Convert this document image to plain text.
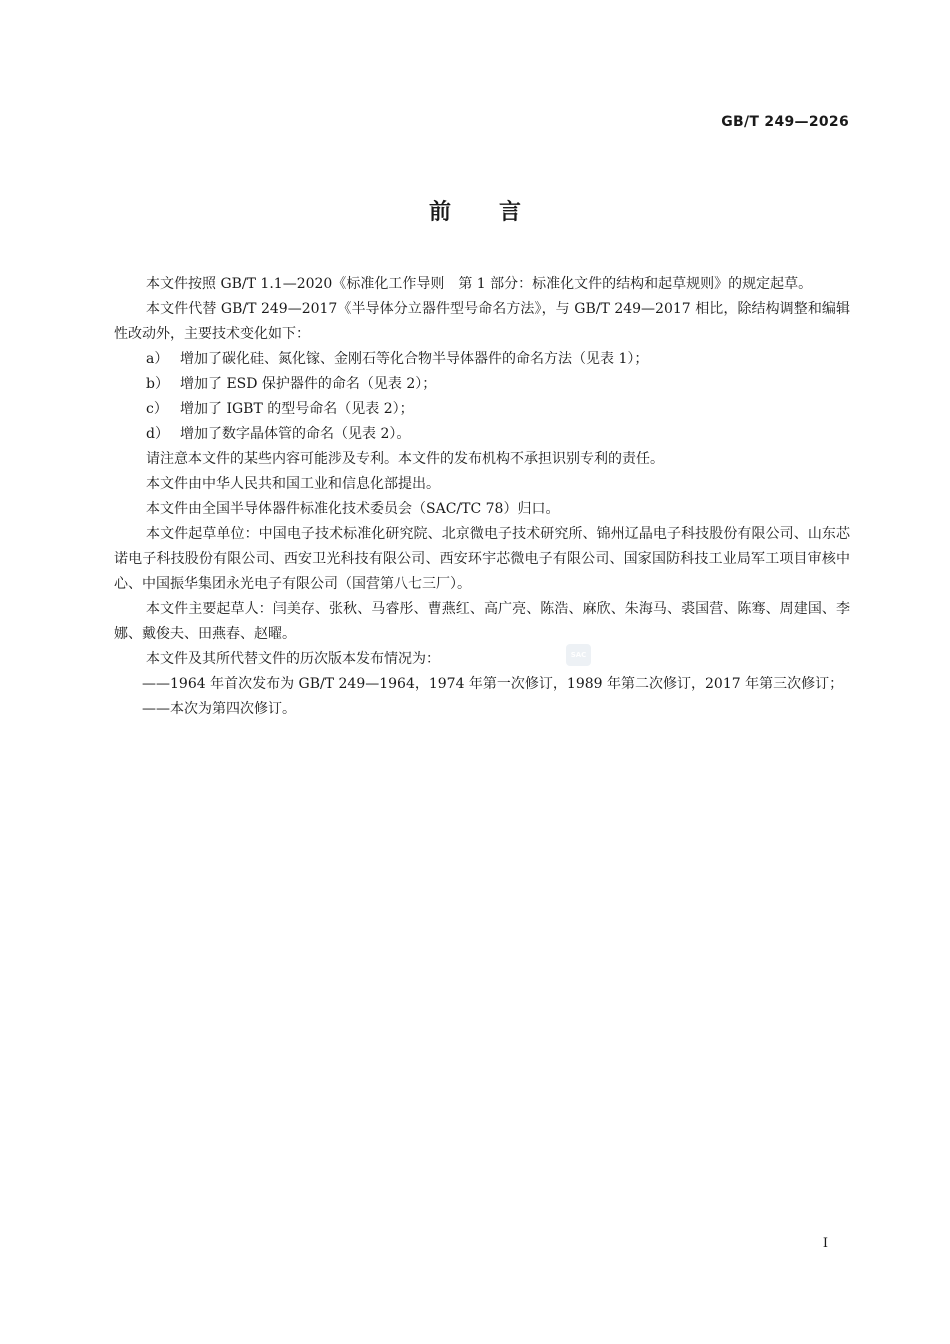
GB/T 249—2026
前 言

本文件按照 GB/T 1.1—2020《标准化工作导则　第 1 部分：标准化文件的结构和起草规则》的规定起草。

本文件代替 GB/T 249—2017《半导体分立器件型号命名方法》，与 GB/T 249—2017 相比，除结构调整和编辑性改动外，主要技术变化如下：

a） 增加了碳化硅、氮化镓、金刚石等化合物半导体器件的命名方法（见表 1）；

b） 增加了 ESD 保护器件的命名（见表 2）；

c） 增加了 IGBT 的型号命名（见表 2）；

d） 增加了数字晶体管的命名（见表 2）。

请注意本文件的某些内容可能涉及专利。本文件的发布机构不承担识别专利的责任。

本文件由中华人民共和国工业和信息化部提出。

本文件由全国半导体器件标准化技术委员会（SAC/TC 78）归口。

本文件起草单位：中国电子技术标准化研究院、北京微电子技术研究所、锦州辽晶电子科技股份有限公司、山东芯诺电子科技股份有限公司、西安卫光科技有限公司、西安环宇芯微电子有限公司、国家国防科技工业局军工项目审核中心、中国振华集团永光电子有限公司（国营第八七三厂）。

本文件主要起草人：闫美存、张秋、马睿彤、曹燕红、高广亮、陈浩、麻欣、朱海马、裘国营、陈骞、周建国、李娜、戴俊夫、田燕春、赵曜。

本文件及其所代替文件的历次版本发布情况为：

——1964 年首次发布为 GB/T 249—1964，1974 年第一次修订，1989 年第二次修订，2017 年第三次修订；

——本次为第四次修订。

SAC
I
